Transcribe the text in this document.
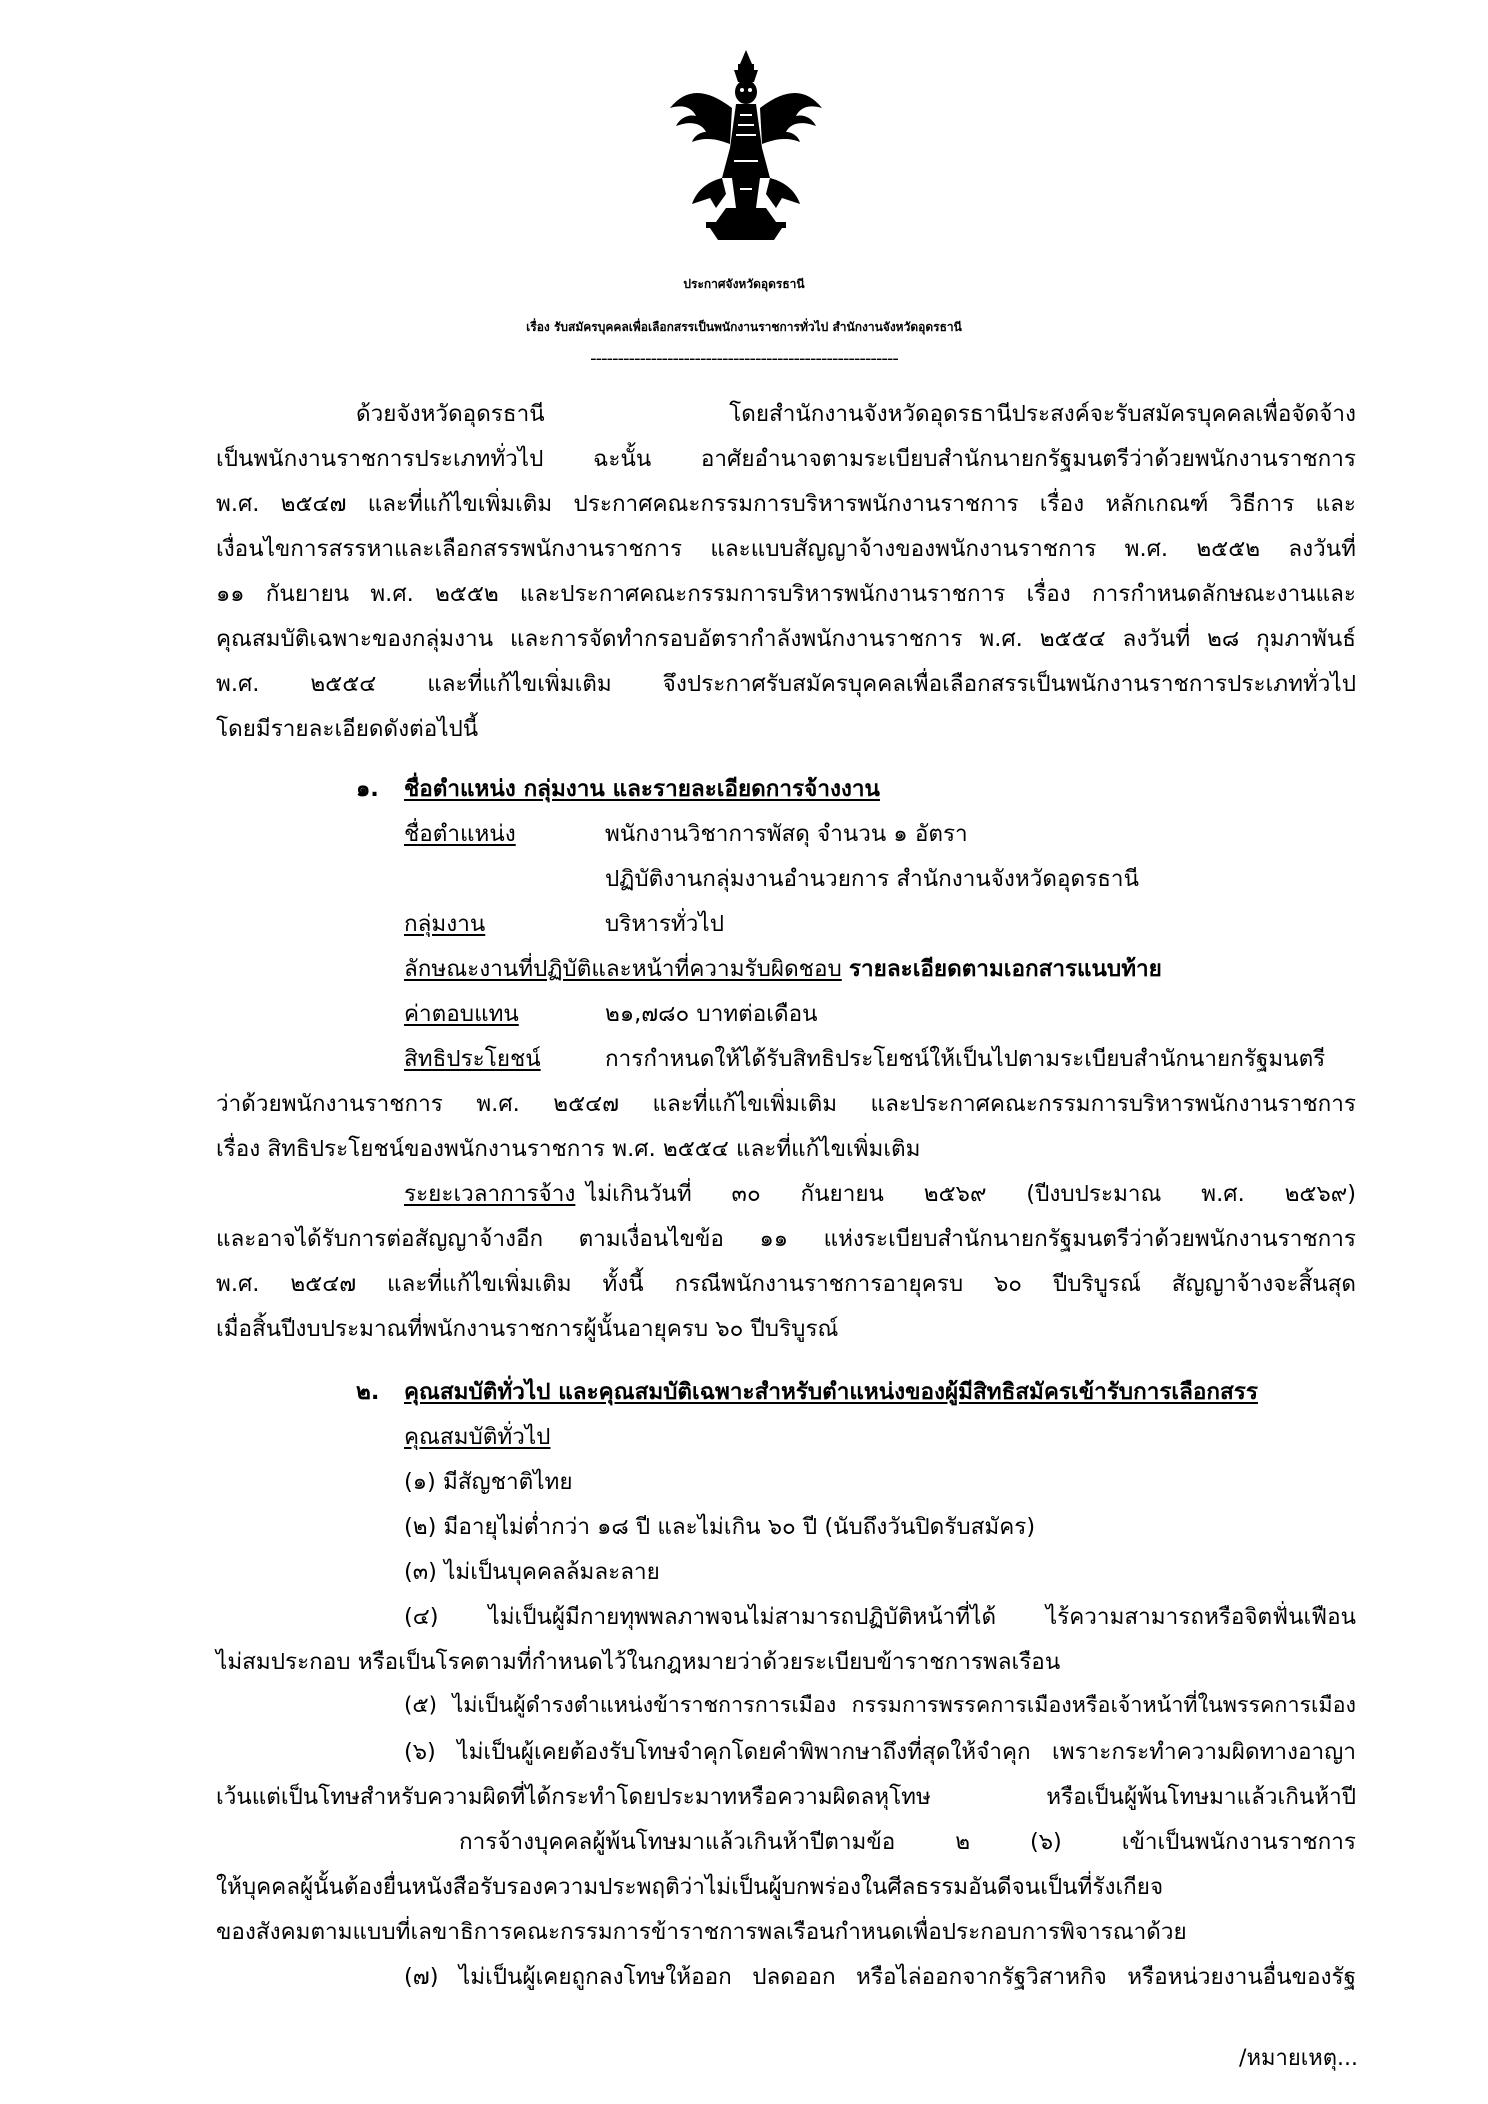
ประกาศจังหวัดอุดรธานี
เรื่อง รับสมัครบุคคลเพื่อเลือกสรรเป็นพนักงานราชการทั่วไป สำนักงานจังหวัดอุดรธานี
--------------------------------------------------------
ด้วยจังหวัดอุดรธานี โดยสำนักงานจังหวัดอุดรธานีประสงค์จะรับสมัครบุคคลเพื่อจัดจ้าง
เป็นพนักงานราชการประเภททั่วไป ฉะนั้น อาศัยอำนาจตามระเบียบสำนักนายกรัฐมนตรีว่าด้วยพนักงานราชการ
พ.ศ. ๒๕๔๗ และที่แก้ไขเพิ่มเติม ประกาศคณะกรรมการบริหารพนักงานราชการ เรื่อง หลักเกณฑ์ วิธีการ และ
เงื่อนไขการสรรหาและเลือกสรรพนักงานราชการ และแบบสัญญาจ้างของพนักงานราชการ พ.ศ. ๒๕๕๒ ลงวันที่
๑๑ กันยายน พ.ศ. ๒๕๕๒ และประกาศคณะกรรมการบริหารพนักงานราชการ เรื่อง การกำหนดลักษณะงานและ
คุณสมบัติเฉพาะของกลุ่มงาน และการจัดทำกรอบอัตรากำลังพนักงานราชการ พ.ศ. ๒๕๕๔ ลงวันที่ ๒๘ กุมภาพันธ์
พ.ศ. ๒๕๕๔ และที่แก้ไขเพิ่มเติม จึงประกาศรับสมัครบุคคลเพื่อเลือกสรรเป็นพนักงานราชการประเภททั่วไป
โดยมีรายละเอียดดังต่อไปนี้
๑. ชื่อตำแหน่ง กลุ่มงาน และรายละเอียดการจ้างงาน
ชื่อตำแหน่ง	พนักงานวิชาการพัสดุ จำนวน ๑ อัตรา
ปฏิบัติงานกลุ่มงานอำนวยการ สำนักงานจังหวัดอุดรธานี
กลุ่มงาน	บริหารทั่วไป
ลักษณะงานที่ปฏิบัติและหน้าที่ความรับผิดชอบ รายละเอียดตามเอกสารแนบท้าย
ค่าตอบแทน	๒๑,๗๘๐ บาทต่อเดือน
สิทธิประโยชน์	การกำหนดให้ได้รับสิทธิประโยชน์ให้เป็นไปตามระเบียบสำนักนายกรัฐมนตรี
ว่าด้วยพนักงานราชการ พ.ศ. ๒๕๔๗ และที่แก้ไขเพิ่มเติม และประกาศคณะกรรมการบริหารพนักงานราชการ
เรื่อง สิทธิประโยชน์ของพนักงานราชการ พ.ศ. ๒๕๕๔ และที่แก้ไขเพิ่มเติม
ระยะเวลาการจ้าง ไม่เกินวันที่ ๓๐ กันยายน ๒๕๖๙ (ปีงบประมาณ พ.ศ. ๒๕๖๙)
และอาจได้รับการต่อสัญญาจ้างอีก ตามเงื่อนไขข้อ ๑๑ แห่งระเบียบสำนักนายกรัฐมนตรีว่าด้วยพนักงานราชการ
พ.ศ. ๒๕๔๗ และที่แก้ไขเพิ่มเติม ทั้งนี้ กรณีพนักงานราชการอายุครบ ๖๐ ปีบริบูรณ์ สัญญาจ้างจะสิ้นสุด
เมื่อสิ้นปีงบประมาณที่พนักงานราชการผู้นั้นอายุครบ ๖๐ ปีบริบูรณ์
๒. คุณสมบัติทั่วไป และคุณสมบัติเฉพาะสำหรับตำแหน่งของผู้มีสิทธิสมัครเข้ารับการเลือกสรร
คุณสมบัติทั่วไป
(๑) มีสัญชาติไทย
(๒) มีอายุไม่ต่ำกว่า ๑๘ ปี และไม่เกิน ๖๐ ปี (นับถึงวันปิดรับสมัคร)
(๓) ไม่เป็นบุคคลล้มละลาย
(๔) ไม่เป็นผู้มีกายทุพพลภาพจนไม่สามารถปฏิบัติหน้าที่ได้ ไร้ความสามารถหรือจิตฟั่นเฟือน
ไม่สมประกอบ หรือเป็นโรคตามที่กำหนดไว้ในกฎหมายว่าด้วยระเบียบข้าราชการพลเรือน
(๕) ไม่เป็นผู้ดำรงตำแหน่งข้าราชการการเมือง กรรมการพรรคการเมืองหรือเจ้าหน้าที่ในพรรคการเมือง
(๖) ไม่เป็นผู้เคยต้องรับโทษจำคุกโดยคำพิพากษาถึงที่สุดให้จำคุก เพราะกระทำความผิดทางอาญา
เว้นแต่เป็นโทษสำหรับความผิดที่ได้กระทำโดยประมาทหรือความผิดลหุโทษ หรือเป็นผู้พ้นโทษมาแล้วเกินห้าปี
การจ้างบุคคลผู้พ้นโทษมาแล้วเกินห้าปีตามข้อ ๒ (๖) เข้าเป็นพนักงานราชการ
ให้บุคคลผู้นั้นต้องยื่นหนังสือรับรองความประพฤติว่าไม่เป็นผู้บกพร่องในศีลธรรมอันดีจนเป็นที่รังเกียจ
ของสังคมตามแบบที่เลขาธิการคณะกรรมการข้าราชการพลเรือนกำหนดเพื่อประกอบการพิจารณาด้วย
(๗) ไม่เป็นผู้เคยถูกลงโทษให้ออก ปลดออก หรือไล่ออกจากรัฐวิสาหกิจ หรือหน่วยงานอื่นของรัฐ
/หมายเหตุ...
